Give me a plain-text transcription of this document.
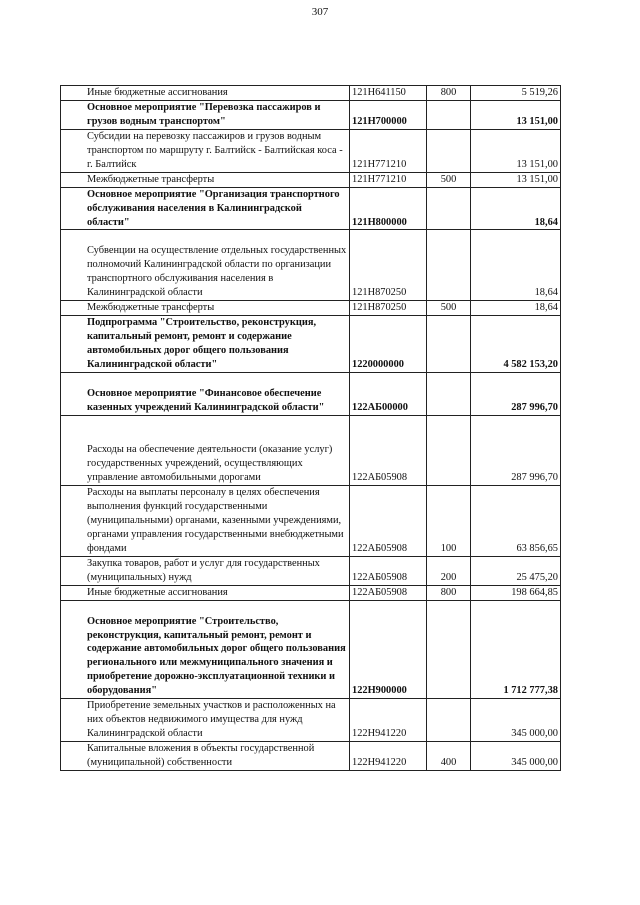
307
Иные бюджетные ассигнования	121Н641150	800	5 519,26
Основное мероприятие "Перевозка пассажиров и грузов водным транспортом"	121Н700000		13 151,00
Субсидии на перевозку пассажиров и грузов водным транспортом по маршруту г. Балтийск - Балтийская коса - г. Балтийск	121Н771210		13 151,00
Межбюджетные трансферты	121Н771210	500	13 151,00
Основное мероприятие "Организация транспортного обслуживания населения в Калининградской области"	121Н800000		18,64
Субвенции на осуществление отдельных государственных полномочий Калининградской области по организации транспортного обслуживания населения в Калининградской области	121Н870250		18,64
Межбюджетные трансферты	121Н870250	500	18,64
Подпрограмма "Строительство, реконструкция, капитальный ремонт, ремонт и содержание автомобильных дорог общего пользования Калининградской области"	1220000000		4 582 153,20
Основное мероприятие "Финансовое обеспечение казенных учреждений Калининградской области"	122АБ00000		287 996,70
Расходы на обеспечение деятельности (оказание услуг) государственных учреждений, осуществляющих управление автомобильными дорогами	122АБ05908		287 996,70
Расходы на выплаты персоналу в целях обеспечения выполнения функций государственными (муниципальными) органами, казенными учреждениями, органами управления государственными внебюджетными фондами	122АБ05908	100	63 856,65
Закупка товаров, работ и услуг для государственных (муниципальных) нужд	122АБ05908	200	25 475,20
Иные бюджетные ассигнования	122АБ05908	800	198 664,85
Основное мероприятие "Строительство, реконструкция, капитальный ремонт, ремонт и содержание автомобильных дорог общего пользования регионального или межмуниципального значения и приобретение дорожно-эксплуатационной техники и оборудования"	122Н900000		1 712 777,38
Приобретение земельных участков и расположенных на них объектов недвижимого имущества для нужд Калининградской области	122Н941220		345 000,00
Капитальные вложения в объекты государственной (муниципальной) собственности	122Н941220	400	345 000,00
